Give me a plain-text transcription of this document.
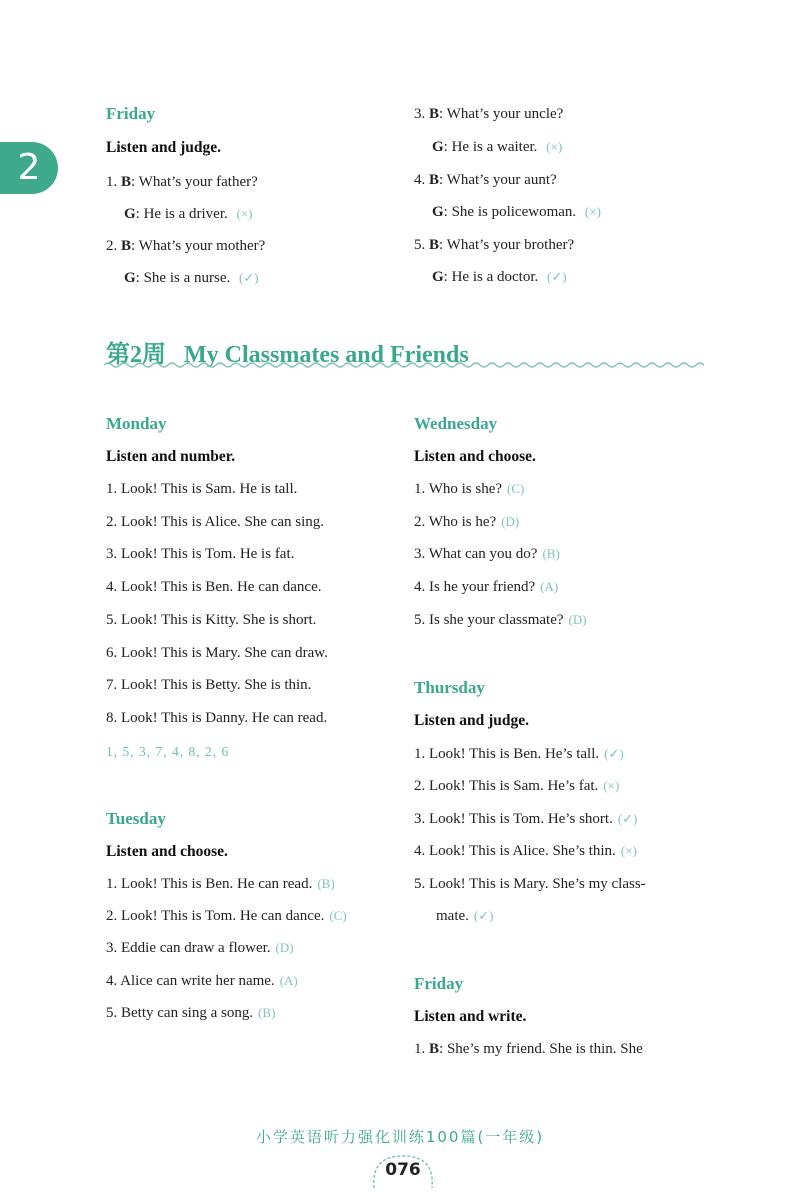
2
Friday
Listen and judge.
1. B: What’s your father?
G: He is a driver. (×)
2. B: What’s your mother?
G: She is a nurse. (✓)
3. B: What’s your uncle?
G: He is a waiter. (×)
4. B: What’s your aunt?
G: She is policewoman. (×)
5. B: What’s your brother?
G: He is a doctor. (✓)
第2周 My Classmates and Friends
Monday
Listen and number.
1. Look! This is Sam. He is tall.
2. Look! This is Alice. She can sing.
3. Look! This is Tom. He is fat.
4. Look! This is Ben. He can dance.
5. Look! This is Kitty. She is short.
6. Look! This is Mary. She can draw.
7. Look! This is Betty. She is thin.
8. Look! This is Danny. He can read.
1, 5, 3, 7, 4, 8, 2, 6
Tuesday
Listen and choose.
1. Look! This is Ben. He can read. (B)
2. Look! This is Tom. He can dance. (C)
3. Eddie can draw a flower. (D)
4. Alice can write her name. (A)
5. Betty can sing a song. (B)
Wednesday
Listen and choose.
1. Who is she? (C)
2. Who is he? (D)
3. What can you do? (B)
4. Is he your friend? (A)
5. Is she your classmate? (D)
Thursday
Listen and judge.
1. Look! This is Ben. He’s tall. (✓)
2. Look! This is Sam. He’s fat. (×)
3. Look! This is Tom. He’s short. (✓)
4. Look! This is Alice. She’s thin. (×)
5. Look! This is Mary. She’s my class-
mate. (✓)
Friday
Listen and write.
1. B: She’s my friend. She is thin. She
小学英语听力强化训练100篇(一年级)
076
